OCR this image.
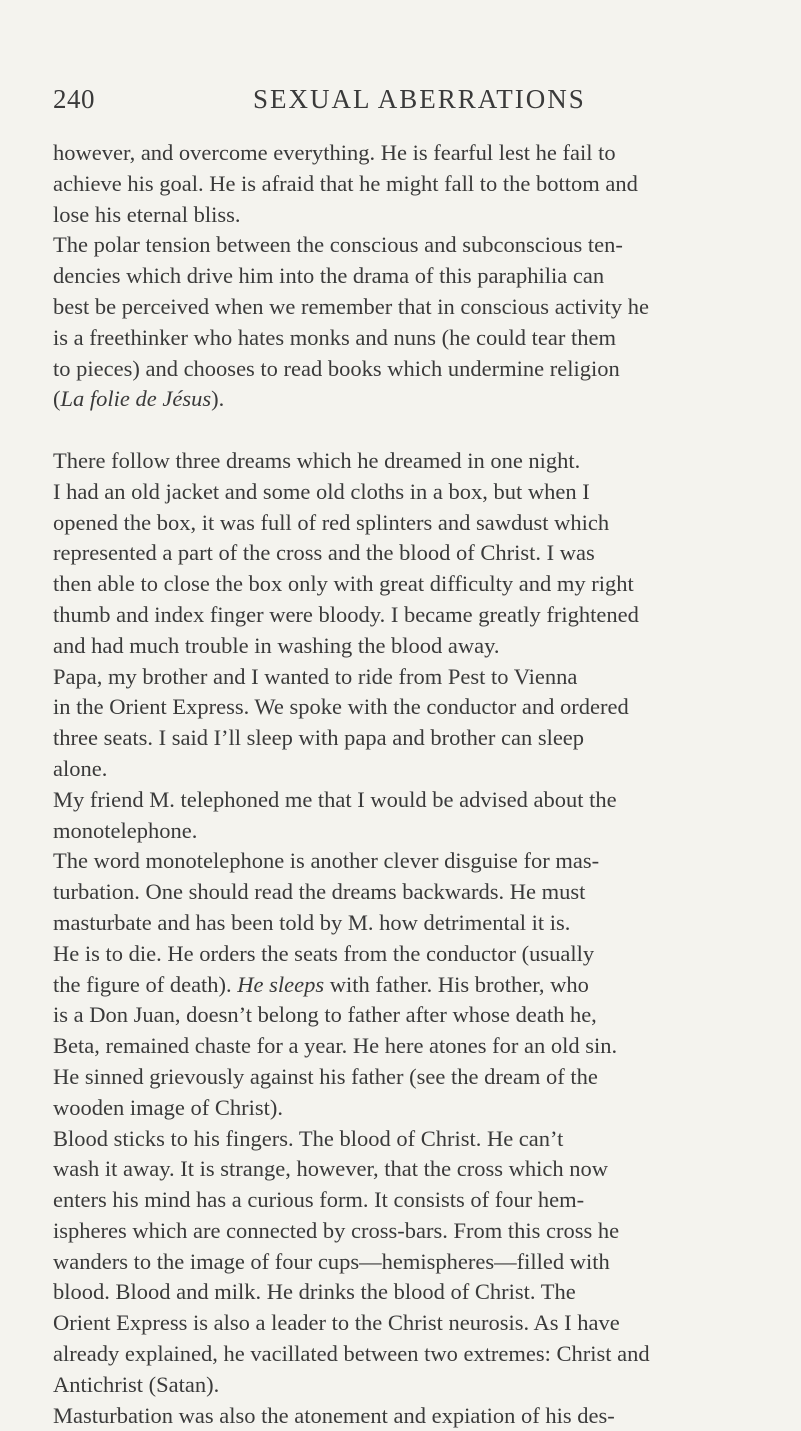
240	SEXUAL ABERRATIONS
however, and overcome everything. He is fearful lest he fail to
achieve his goal. He is afraid that he might fall to the bottom and
lose his eternal bliss.
The polar tension between the conscious and subconscious ten-
dencies which drive him into the drama of this paraphilia can
best be perceived when we remember that in conscious activity he
is a freethinker who hates monks and nuns (he could tear them
to pieces) and chooses to read books which undermine religion
(La folie de Jésus).
There follow three dreams which he dreamed in one night.
I had an old jacket and some old cloths in a box, but when I
opened the box, it was full of red splinters and sawdust which
represented a part of the cross and the blood of Christ. I was
then able to close the box only with great difficulty and my right
thumb and index finger were bloody. I became greatly frightened
and had much trouble in washing the blood away.
Papa, my brother and I wanted to ride from Pest to Vienna
in the Orient Express. We spoke with the conductor and ordered
three seats. I said I’ll sleep with papa and brother can sleep
alone.
My friend M. telephoned me that I would be advised about the
monotelephone.
The word monotelephone is another clever disguise for mas-
turbation. One should read the dreams backwards. He must
masturbate and has been told by M. how detrimental it is.
He is to die. He orders the seats from the conductor (usually
the figure of death). He sleeps with father. His brother, who
is a Don Juan, doesn’t belong to father after whose death he,
Beta, remained chaste for a year. He here atones for an old sin.
He sinned grievously against his father (see the dream of the
wooden image of Christ).
Blood sticks to his fingers. The blood of Christ. He can’t
wash it away. It is strange, however, that the cross which now
enters his mind has a curious form. It consists of four hem-
ispheres which are connected by cross-bars. From this cross he
wanders to the image of four cups—hemispheres—filled with
blood. Blood and milk. He drinks the blood of Christ. The
Orient Express is also a leader to the Christ neurosis. As I have
already explained, he vacillated between two extremes: Christ and
Antichrist (Satan).
Masturbation was also the atonement and expiation of his des-
